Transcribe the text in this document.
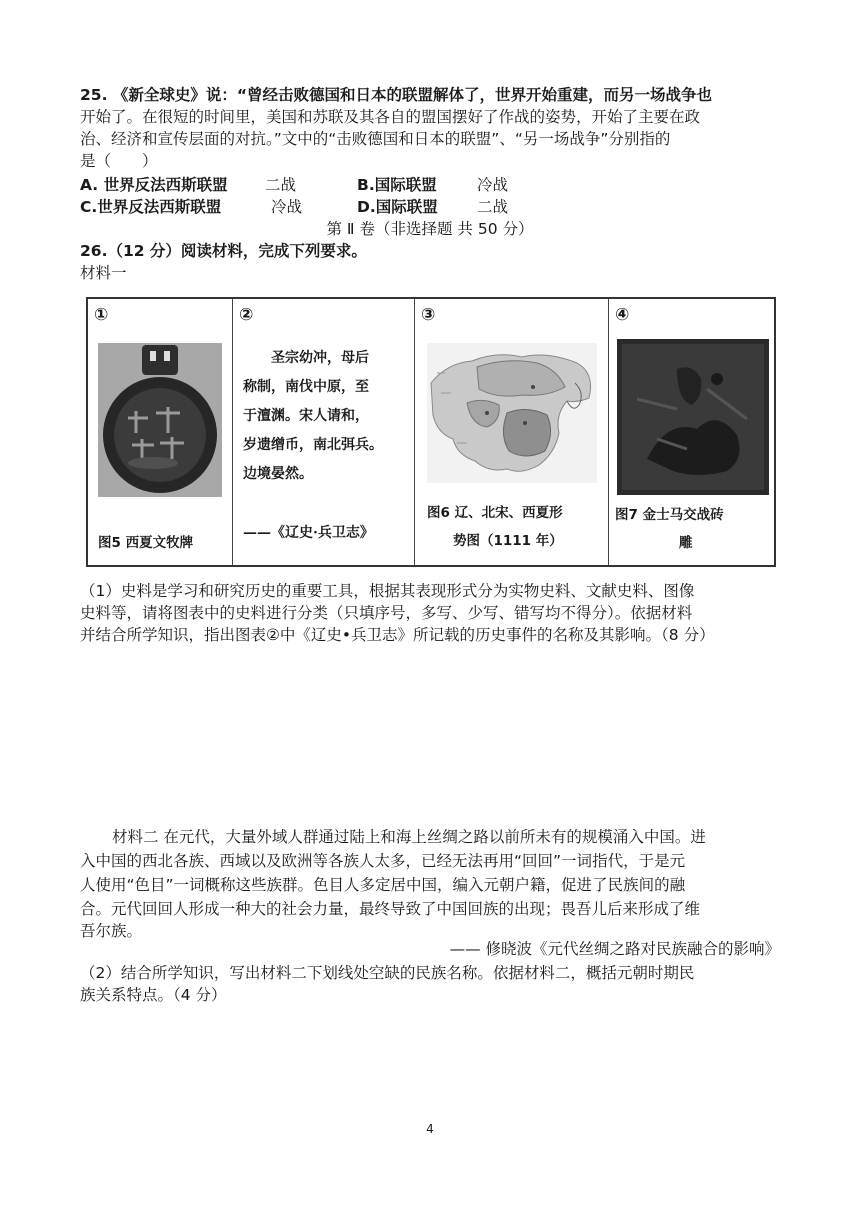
25. 《新全球史》说：“曾经击败德国和日本的联盟解体了，世界开始重建，而另一场战争也
开始了。在很短的时间里，美国和苏联及其各自的盟国摆好了作战的姿势，开始了主要在政
治、经济和宣传层面的对抗。”文中的“击败德国和日本的联盟”、“另一场战争”分别指的
是（　　）
A. 世界反法西斯联盟 二战	B.国际联盟	冷战
C.世界反法西斯联盟	冷战	D.国际联盟	二战
第 Ⅱ 卷（非选择题 共 50 分）
26.（12 分）阅读材料，完成下列要求。
材料一
①
图5 西夏文牧牌
②
圣宗幼冲，母后
称制，南伐中原，至
于澶渊。宋人请和，
岁遗缯币，南北弭兵。
边境晏然。
——《辽史·兵卫志》
③
图6 辽、北宋、西夏形
势图（1111 年）
④
图7 金士马交战砖
雕
（1）史料是学习和研究历史的重要工具，根据其表现形式分为实物史料、文献史料、图像
史料等，请将图表中的史料进行分类（只填序号，多写、少写、错写均不得分）。依据材料
并结合所学知识，指出图表②中《辽史•兵卫志》所记载的历史事件的名称及其影响。（8 分）
材料二 在元代，大量外域人群通过陆上和海上丝绸之路以前所未有的规模涌入中国。进
入中国的西北各族、西域以及欧洲等各族人太多，已经无法再用“回回”一词指代，于是元
人使用“色目”一词概称这些族群。色目人多定居中国，编入元朝户籍，促进了民族间的融
合。元代回回人形成一种大的社会力量，最终导致了中国回族的出现；畏吾儿后来形成了维
吾尔族。
—— 修晓波《元代丝绸之路对民族融合的影响》
（2）结合所学知识，写出材料二下划线处空缺的民族名称。依据材料二，概括元朝时期民
族关系特点。（4 分）
4
